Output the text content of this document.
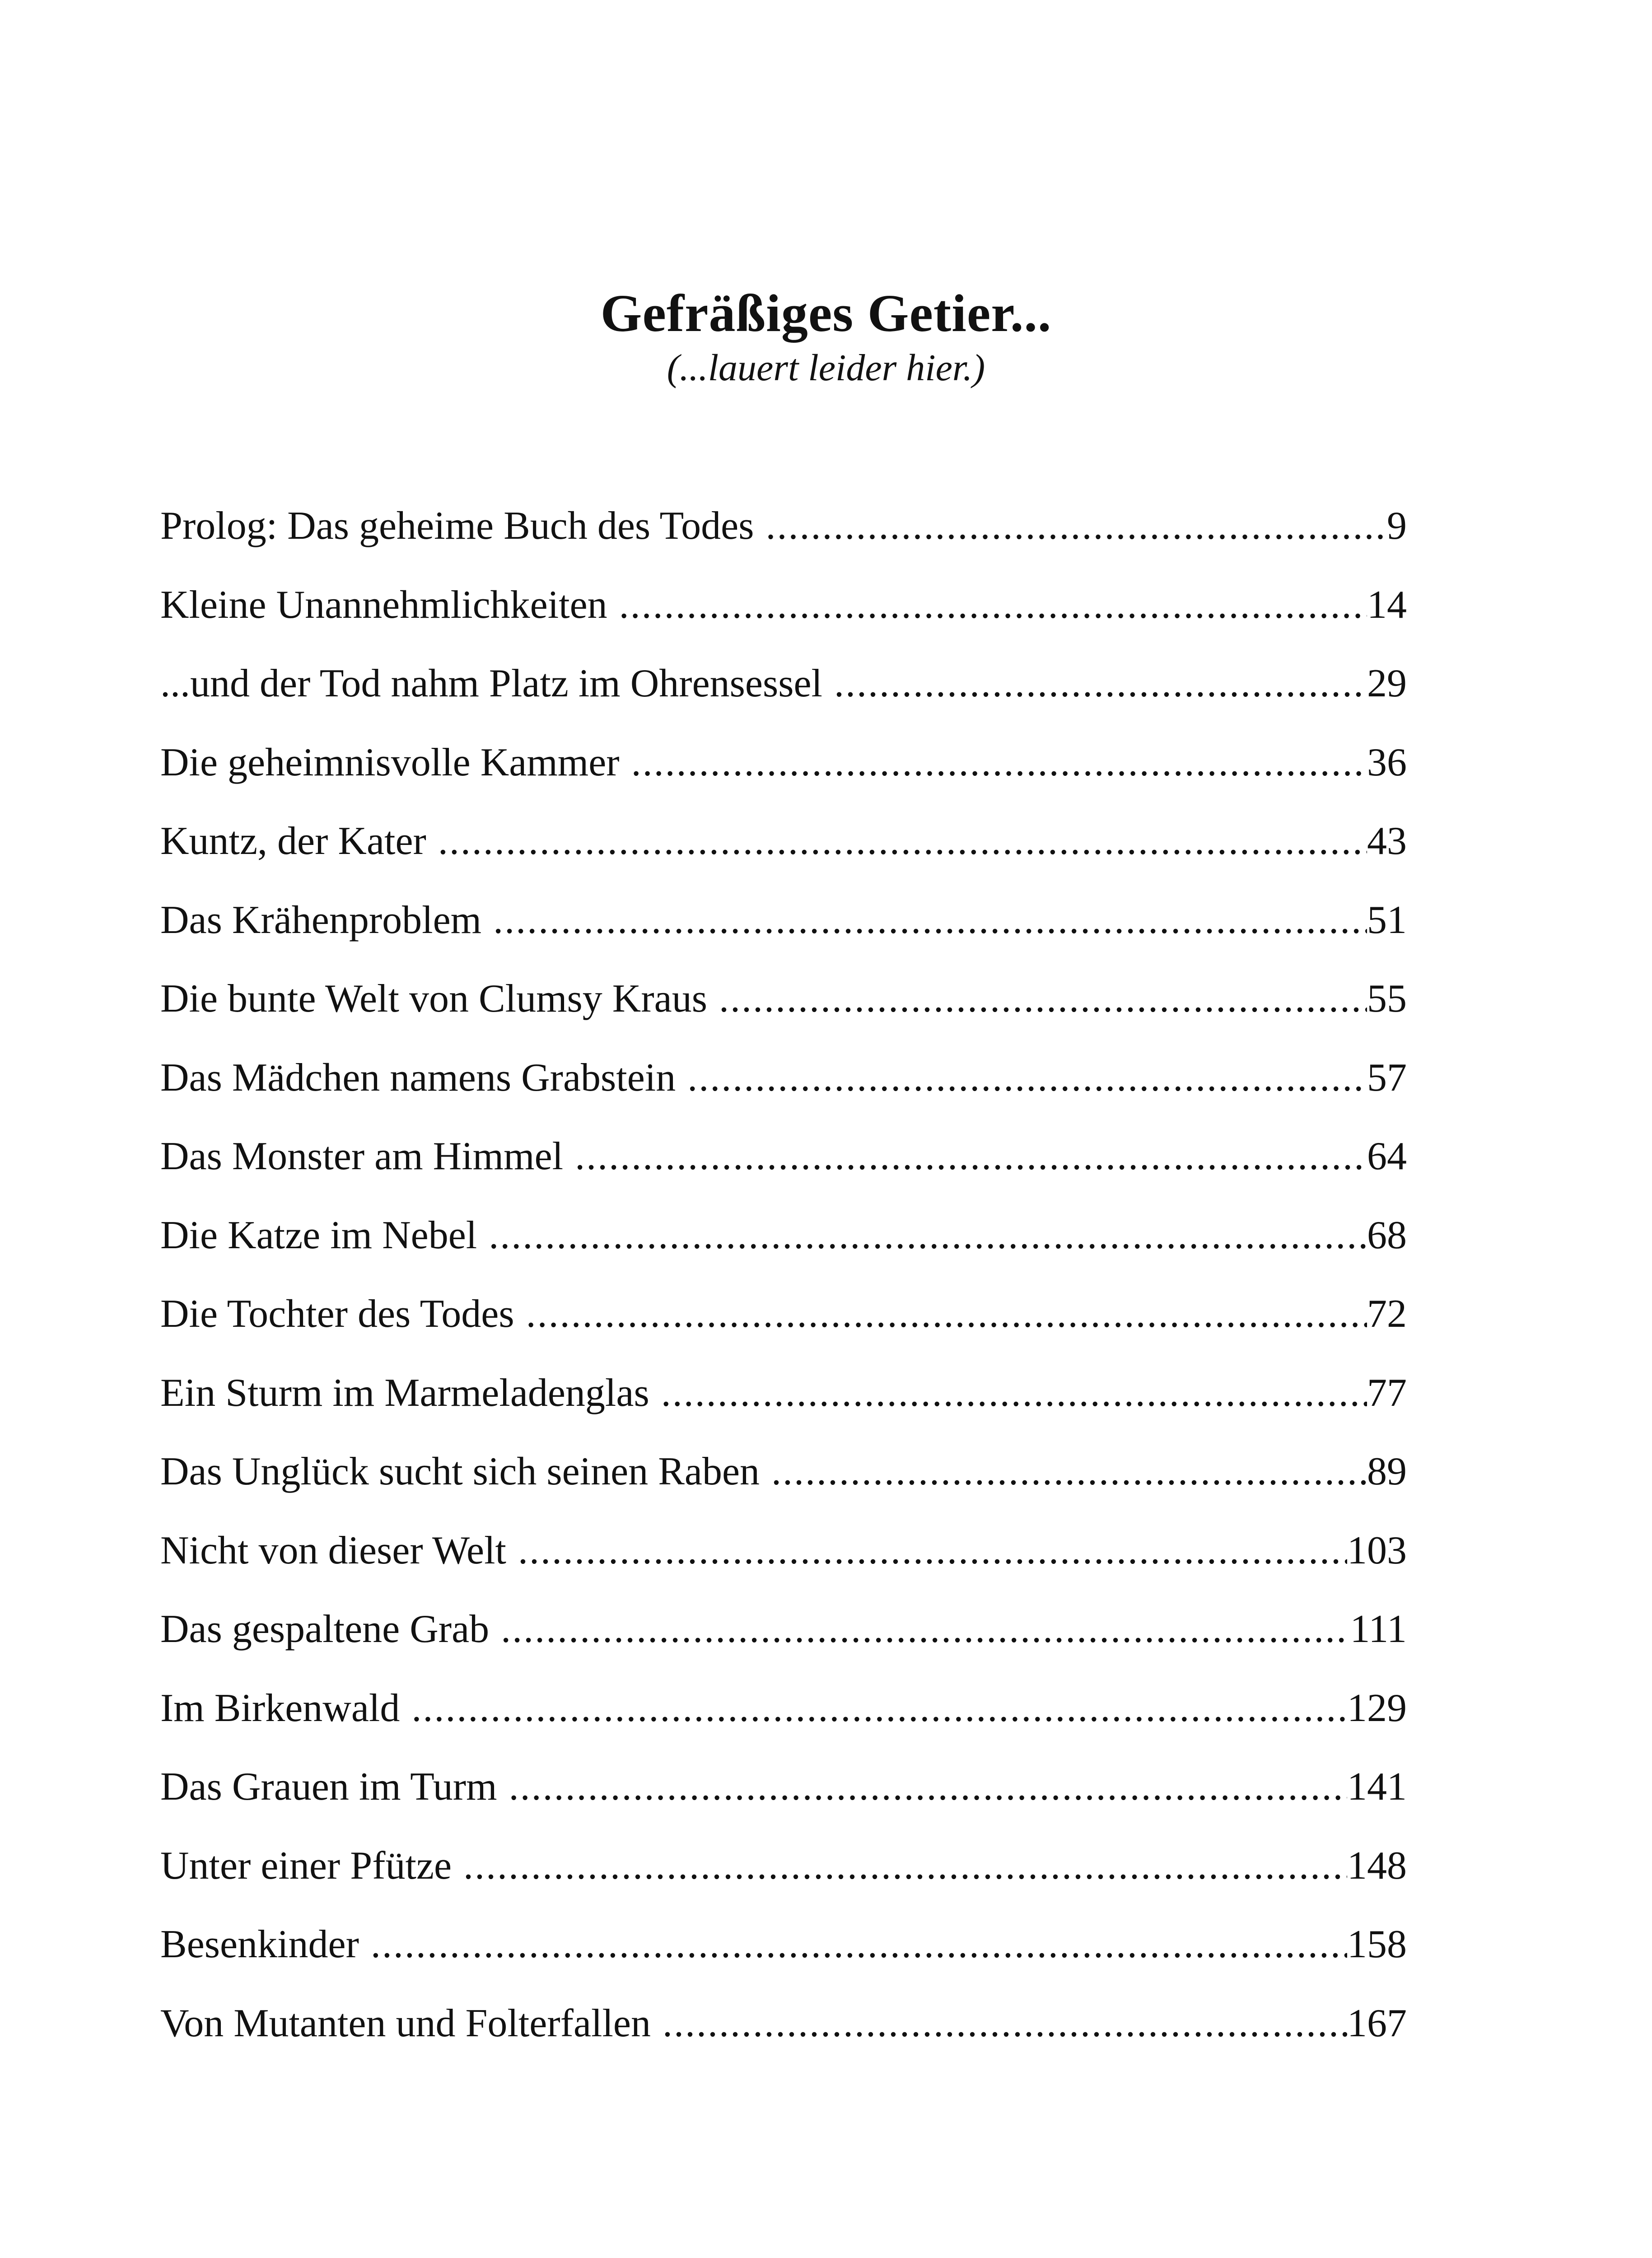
Gefräßiges Getier...
(...lauert leider hier.)
Prolog: Das geheime Buch des Todes .....	9
Kleine Unannehmlichkeiten .....	14
...und der Tod nahm Platz im Ohrensessel .....	29
Die geheimnisvolle Kammer .....	36
Kuntz, der Kater .....	43
Das Krähenproblem .....	51
Die bunte Welt von Clumsy Kraus .....	55
Das Mädchen namens Grabstein .....	57
Das Monster am Himmel .....	64
Die Katze im Nebel .....	68
Die Tochter des Todes .....	72
Ein Sturm im Marmeladenglas .....	77
Das Unglück sucht sich seinen Raben .....	89
Nicht von dieser Welt .....	103
Das gespaltene Grab .....	111
Im Birkenwald .....	129
Das Grauen im Turm .....	141
Unter einer Pfütze .....	148
Besenkinder .....	158
Von Mutanten und Folterfallen .....	167
